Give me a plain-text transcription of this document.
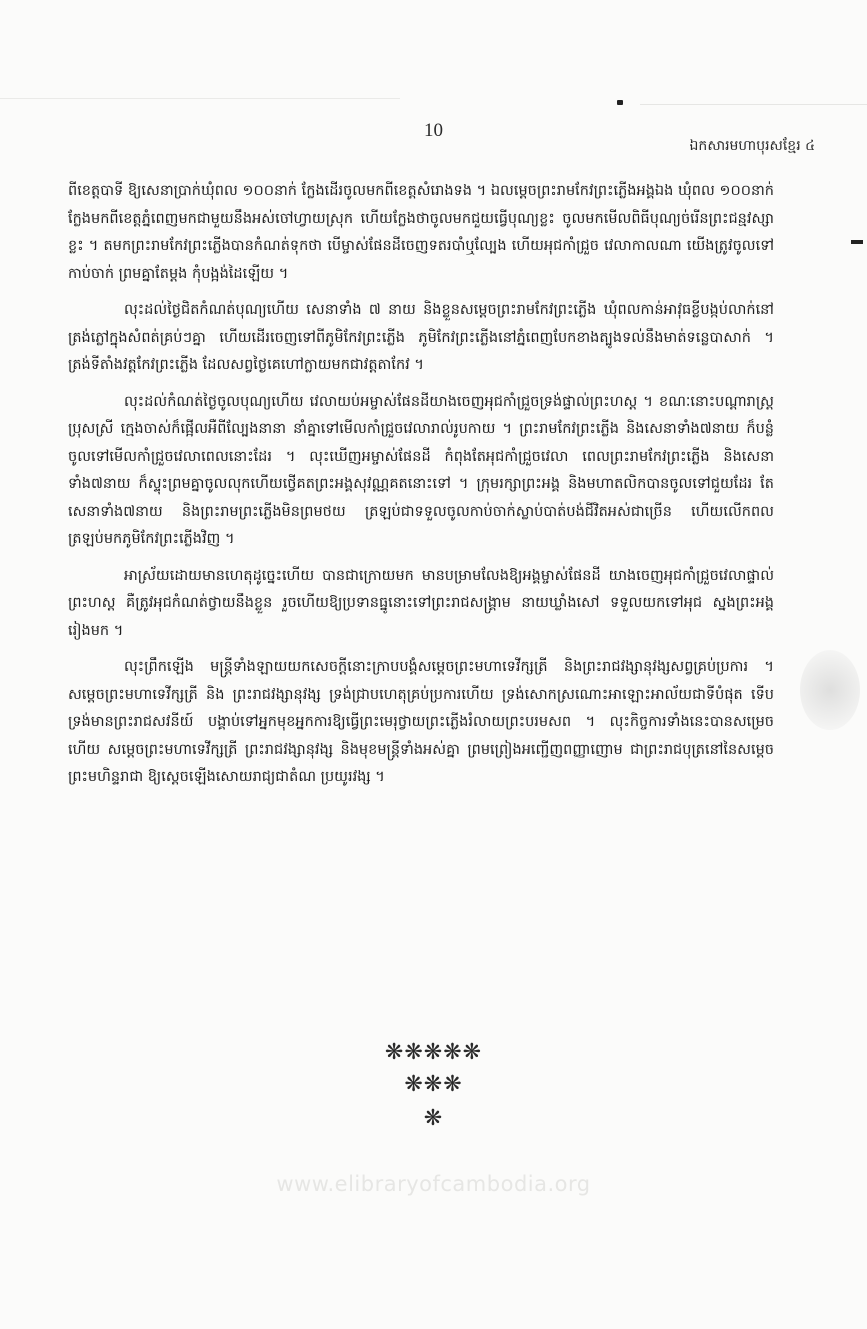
10
ឯកសារមហាបុរសខ្មែរ ៤

ពីខេត្តបាទី ឱ្យសេនាប្រាក់ឃុំពល ១០០នាក់ ក្លែងដើរចូលមកពីខេត្តសំរោងទង ។ ឯលម្ដេចព្រះរាមកែវព្រះភ្លើងអង្គឯង ឃុំពល ១០០នាក់ ក្លែងមកពីខេត្តភ្នំពេញមកជាមួយនឹងអស់ចៅហ្វាយស្រុក ហើយក្លែងថាចូលមកជួយធ្វើបុណ្យខ្លះ ចូលមកមើលពិធីបុណ្យច់រើនព្រះជន្មវស្សាខ្លះ ។ តមកព្រះរាមកែវព្រះភ្លើងបានកំណត់ទុកថា បើម្ចាស់ផែនដីចេញទតរបាំឬល្បែង ហើយអុជកាំជ្រួច វេលាកាលណា យើងត្រូវចូលទៅកាប់ចាក់ ព្រមគ្នាតែម្ដង កុំបង្អង់ដៃឡើយ ។

លុះដល់ថ្ងៃជិតកំណត់បុណ្យហើយ សេនាទាំង ៧ នាយ និងខ្លួនសម្ដេចព្រះរាមកែវព្រះភ្លើង ឃុំពលកាន់អាវុធខ្លីបង្កប់លាក់នៅត្រង់ភ្លៅក្នុងសំពត់គ្រប់ៗគ្នា ហើយដើរចេញទៅពីភូមិកែវព្រះភ្លើង ភូមិកែវព្រះភ្លើងនៅភ្នំពេញបែកខាងត្បូងទល់នឹងមាត់ទន្លេបាសាក់ ។ ត្រង់ទីតាំងវត្តកែវព្រះភ្លើង ដែលសព្វថ្ងៃគេហៅក្លាយមកជាវត្តតាកែវ ។

លុះដល់កំណត់ថ្ងៃចូលបុណ្យហើយ វេលាយប់អម្ចាស់ផែនដីយាងចេញអុជកាំជ្រួចទ្រង់ផ្ទាល់ព្រះហស្ត ។ ខណៈនោះបណ្ដារាស្ត្រប្រុសស្រី ក្មេងចាស់ក៏ផ្អើលអឺពីល្បែងនានា នាំគ្នាទៅមើលកាំជ្រួចវេលារាល់រូបកាយ ។ ព្រះរាមកែវព្រះភ្លើង និងសេនាទាំង៧នាយ ក៏បន្លំចូលទៅមើលកាំជ្រួចវេលាពេលនោះដែរ ។ លុះឃើញអម្ចាស់ផែនដី កំពុងតែអុជកាំជ្រួចវេលា ពេលព្រះរាមកែវព្រះភ្លើង និងសេនាទាំង៧នាយ ក៏ស្ទុះព្រមគ្នាចូលលុកហើយថ្វើគតព្រះអង្គសុវណ្ណគតនោះទៅ ។ ក្រុមរក្សាព្រះអង្គ និងមហាតលិកបានចូលទៅជួយដែរ តែសេនាទាំង៧នាយ និងព្រះរាមព្រះភ្លើងមិនព្រមថយ ត្រឡប់ជាទទួលចូលកាប់ចាក់ស្លាប់បាត់បង់ជីវិតអស់ជាច្រើន ហើយលើកពលត្រឡប់មកភូមិកែវព្រះភ្លើងវិញ ។

អាស្រ័យដោយមានហេតុដូច្នេះហើយ បានជាក្រោយមក មានបម្រាមលែងឱ្យអង្គម្ចាស់ផែនដី យាងចេញអុជកាំជ្រួចវេលាផ្ទាល់ព្រះហស្ត គឺត្រូវអុជកំណត់ថ្វាយនឹងខ្លួន រួចហើយឱ្យប្រទានធ្នូនោះទៅព្រះរាជសង្គ្រាម នាយឃ្លាំងសៅ ទទួលយកទៅអុជ ស្នងព្រះអង្គរៀងមក ។

លុះព្រឹកឡើង មន្ត្រីទាំងឡាយយកសេចក្ដីនោះក្រាបបង្គំសម្ដេចព្រះមហាទេវីក្សត្រី និងព្រះរាជវង្សានុវង្សសព្វគ្រប់ប្រការ ។ សម្ដេចព្រះមហាទេវីក្សត្រី និង ព្រះរាជវង្សានុវង្ស ទ្រង់ជ្រាបហេតុគ្រប់ប្រការហើយ ទ្រង់សោកស្រណោះអាឡោះអាល័យជាទីបំផុត ទើបទ្រង់មានព្រះរាជសវនីយ៍ បង្គាប់ទៅអ្នកមុខអ្នកការឱ្យធ្វើព្រះមេរុថ្វាយព្រះភ្លើងរំលាយព្រះបរមសព ។ លុះកិច្ចការទាំងនេះបានសម្រេចហើយ សម្ដេចព្រះមហាទេវីក្សត្រី ព្រះរាជវង្សានុវង្ស និងមុខមន្ត្រីទាំងអស់គ្នា ព្រមព្រៀងអញ្ជើញពញ្ញាញោម ជាព្រះរាជបុត្រនៅនៃសម្ដេចព្រះមហិន្ទរាជា ឱ្យស្ដេចឡើងសោយរាជ្យជាតំណ ប្រយូរវង្ស ។

❋❋❋❋❋
❋❋❋
❋
www.elibraryofcambodia.org
